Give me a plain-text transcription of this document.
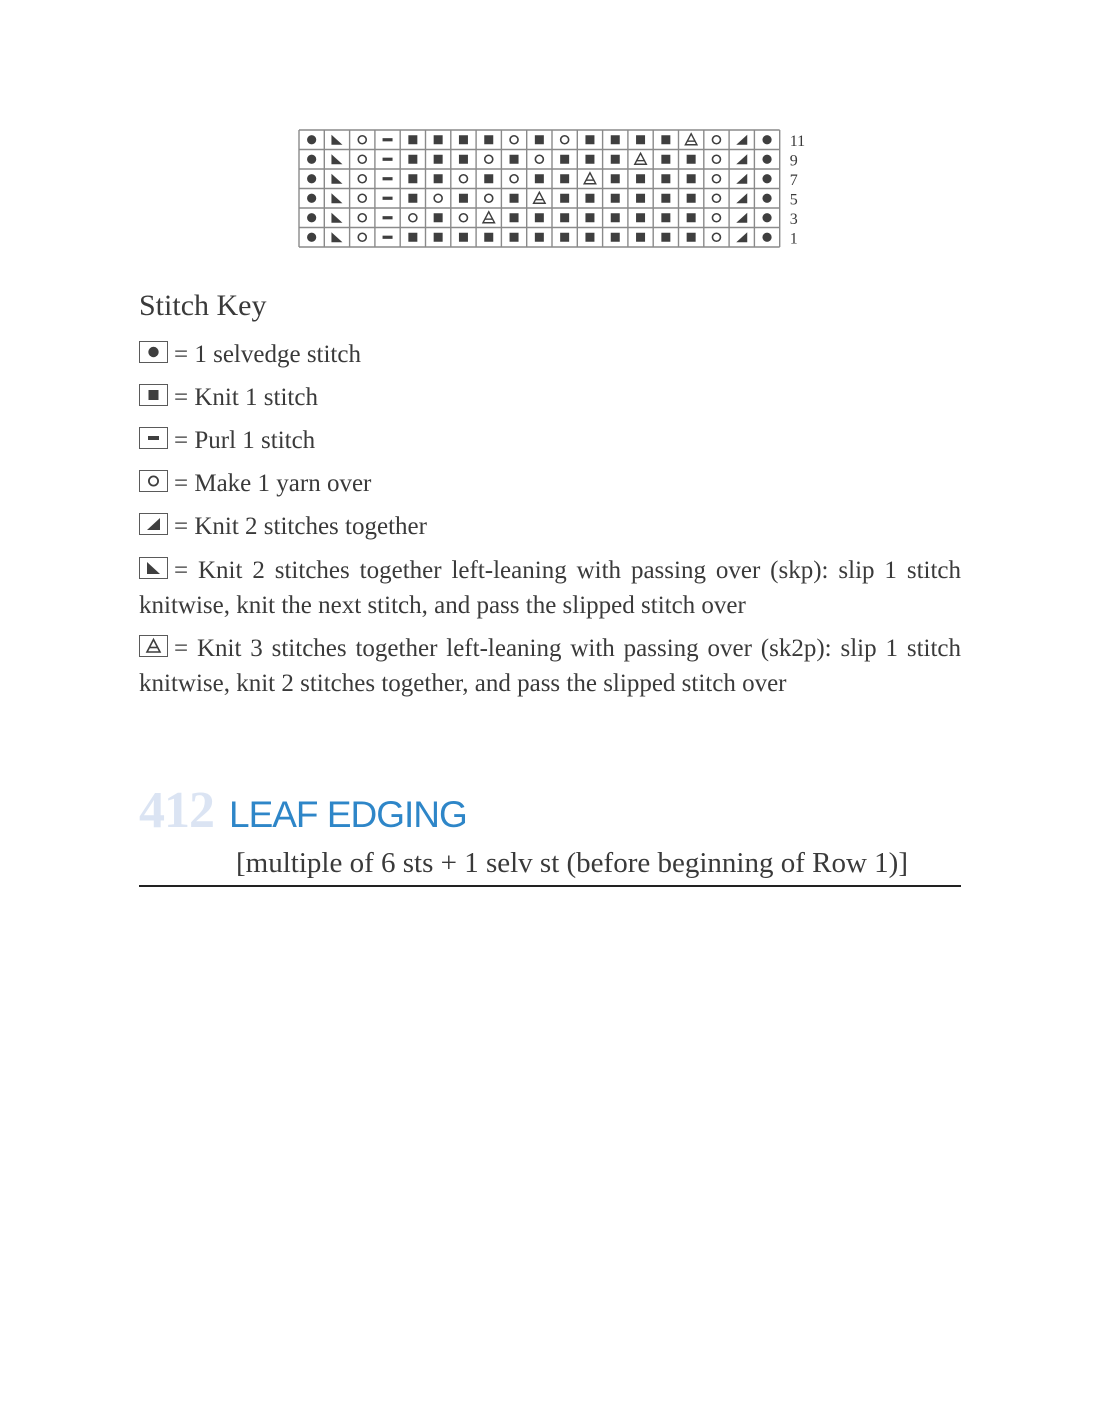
11
9
7
5
3
1
Stitch Key
= 1 selvedge stitch
= Knit 1 stitch
= Purl 1 stitch
= Make 1 yarn over
= Knit 2 stitches together
= Knit 2 stitches together left-leaning with passing over (skp): slip 1 stitch knitwise, knit the next stitch, and pass the slipped stitch over
= Knit 3 stitches together left-leaning with passing over (sk2p): slip 1 stitch knitwise, knit 2 stitches together, and pass the slipped stitch over
412 LEAF EDGING
[multiple of 6 sts + 1 selv st (before beginning of Row 1)]
